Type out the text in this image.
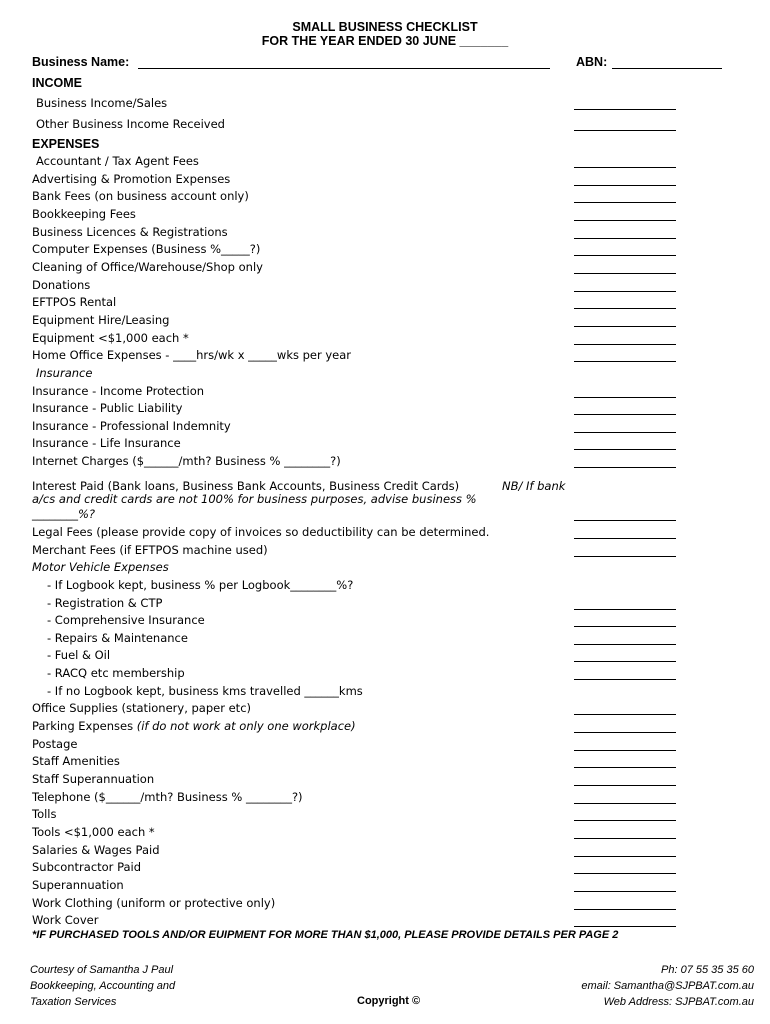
SMALL BUSINESS CHECKLIST
FOR THE YEAR ENDED 30 JUNE _______
Business Name:	ABN:
INCOME
Business Income/Sales
Other Business Income Received
EXPENSES
Accountant / Tax Agent Fees
Advertising & Promotion Expenses
Bank Fees (on business account only)
Bookkeeping Fees
Business Licences & Registrations
Computer Expenses (Business %_____?)
Cleaning of Office/Warehouse/Shop only
Donations
EFTPOS Rental
Equipment Hire/Leasing
Equipment <$1,000 each *
Home Office Expenses - ____hrs/wk x _____wks per year
Insurance
Insurance - Income Protection
Insurance - Public Liability
Insurance - Professional Indemnity
Insurance - Life Insurance
Internet Charges ($______/mth? Business % ________?)
Interest Paid (Bank loans, Business Bank Accounts, Business Credit Cards)	NB/ If bank
a/cs and credit cards are not 100% for business purposes, advise business %
________%?
Legal Fees (please provide copy of invoices so deductibility can be determined.
Merchant Fees (if EFTPOS machine used)
Motor Vehicle Expenses
- If Logbook kept, business % per Logbook________%?
- Registration & CTP
- Comprehensive Insurance
- Repairs & Maintenance
- Fuel & Oil
- RACQ etc membership
- If no Logbook kept, business kms travelled ______kms
Office Supplies (stationery, paper etc)
Parking Expenses (if do not work at only one workplace)
Postage
Staff Amenities
Staff Superannuation
Telephone ($______/mth? Business % ________?)
Tolls
Tools <$1,000 each *
Salaries & Wages Paid
Subcontractor Paid
Superannuation
Work Clothing (uniform or protective only)
Work Cover
*IF PURCHASED TOOLS AND/OR EUIPMENT FOR MORE THAN $1,000, PLEASE PROVIDE DETAILS PER PAGE 2
Courtesy of Samantha J Paul
Bookkeeping, Accounting and
Taxation Services	Copyright ©
Ph: 07 55 35 35 60
email: Samantha@SJPBAT.com.au
Web Address: SJPBAT.com.au
